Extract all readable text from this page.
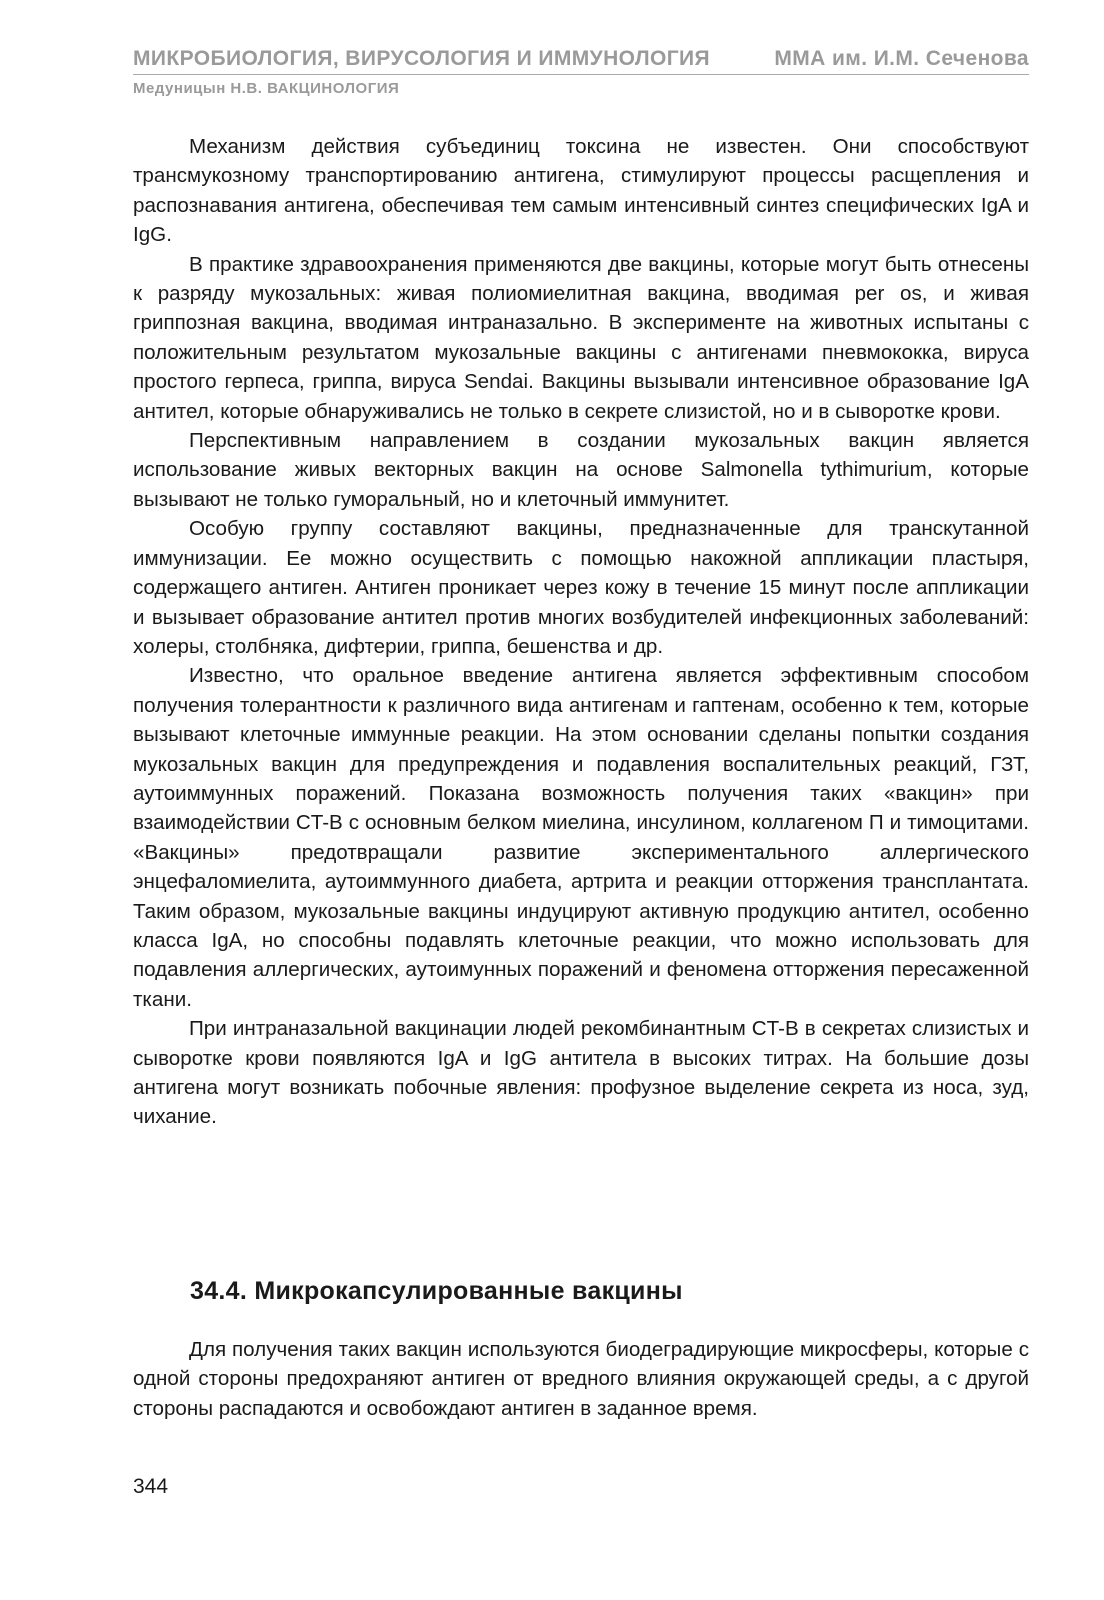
МИКРОБИОЛОГИЯ, ВИРУСОЛОГИЯ И ИММУНОЛОГИЯ	ММА им. И.М. Сеченова
Медуницын Н.В. ВАКЦИНОЛОГИЯ

Механизм действия субъединиц токсина не известен. Они способствуют трансмукозному транспортированию антигена, стимулируют процессы расщепления и распознавания антигена, обеспечивая тем самым интенсивный синтез специфических IgA и IgG.

В практике здравоохранения применяются две вакцины, которые могут быть отнесены к разряду мукозальных: живая полиомиелитная вакцина, вводимая per os, и живая гриппозная вакцина, вводимая интраназально. В эксперименте на животных испытаны с положительным результатом мукозальные вакцины с антигенами пневмококка, вируса простого герпеса, гриппа, вируса Sendai. Вакцины вызывали интенсивное образование IgA антител, которые обнаруживались не только в секрете слизистой, но и в сыворотке крови.

Перспективным направлением в создании мукозальных вакцин является использование живых векторных вакцин на основе Salmonella tythimurium, которые вызывают не только гуморальный, но и клеточный иммунитет.

Особую группу составляют вакцины, предназначенные для транскутанной иммунизации. Ее можно осуществить с помощью накожной аппликации пластыря, содержащего антиген. Антиген проникает через кожу в течение 15 минут после аппликации и вызывает образование антител против многих возбудителей инфекционных заболеваний: холеры, столбняка, дифтерии, гриппа, бешенства и др.

Известно, что оральное введение антигена является эффективным способом получения толерантности к различного вида антигенам и гаптенам, особенно к тем, которые вызывают клеточные иммунные реакции. На этом основании сделаны попытки создания мукозальных вакцин для предупреждения и подавления воспалительных реакций, ГЗТ, аутоиммунных поражений. Показана возможность получения таких «вакцин» при взаимодействии CT-B с основным белком миелина, инсулином, коллагеном П и тимоцитами. «Вакцины» предотвращали развитие экспериментального аллергического энцефаломиелита, аутоиммунного диабета, артрита и реакции отторжения трансплантата. Таким образом, мукозальные вакцины индуцируют активную продукцию антител, особенно класса IgA, но способны подавлять клеточные реакции, что можно использовать для подавления аллергических, аутоимунных поражений и феномена отторжения пересаженной ткани.

При интраназальной вакцинации людей рекомбинантным CT-B в секретах слизистых и сыворотке крови появляются IgA и IgG антитела в высоких титрах. На большие дозы антигена могут возникать побочные явления: профузное выделение секрета из носа, зуд, чихание.

34.4. Микрокапсулированные вакцины

Для получения таких вакцин используются биодеградирующие микросферы, которые с одной стороны предохраняют антиген от вредного влияния окружающей среды, а с другой стороны распадаются и освобождают антиген в заданное время.

344
